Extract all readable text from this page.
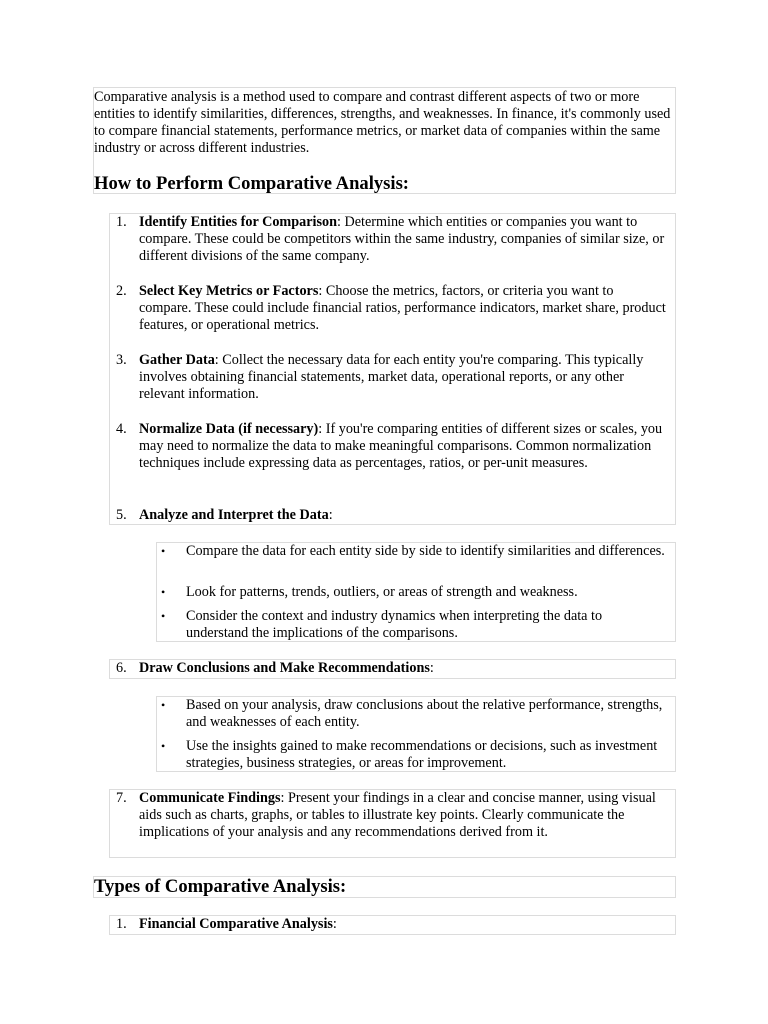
Comparative analysis is a method used to compare and contrast different aspects of two or more entities to identify similarities, differences, strengths, and weaknesses. In finance, it's commonly used to compare financial statements, performance metrics, or market data of companies within the same industry or across different industries.

How to Perform Comparative Analysis:
1. Identify Entities for Comparison: Determine which entities or companies you want to compare. These could be competitors within the same industry, companies of similar size, or different divisions of the same company.
2. Select Key Metrics or Factors: Choose the metrics, factors, or criteria you want to compare. These could include financial ratios, performance indicators, market share, product features, or operational metrics.
3. Gather Data: Collect the necessary data for each entity you're comparing. This typically involves obtaining financial statements, market data, operational reports, or any other relevant information.
4. Normalize Data (if necessary): If you're comparing entities of different sizes or scales, you may need to normalize the data to make meaningful comparisons. Common normalization techniques include expressing data as percentages, ratios, or per-unit measures.
5. Analyze and Interpret the Data:
• Compare the data for each entity side by side to identify similarities and differences.
• Look for patterns, trends, outliers, or areas of strength and weakness.
• Consider the context and industry dynamics when interpreting the data to understand the implications of the comparisons.
6. Draw Conclusions and Make Recommendations:
• Based on your analysis, draw conclusions about the relative performance, strengths, and weaknesses of each entity.
• Use the insights gained to make recommendations or decisions, such as investment strategies, business strategies, or areas for improvement.
7. Communicate Findings: Present your findings in a clear and concise manner, using visual aids such as charts, graphs, or tables to illustrate key points. Clearly communicate the implications of your analysis and any recommendations derived from it.
Types of Comparative Analysis:
1. Financial Comparative Analysis:
